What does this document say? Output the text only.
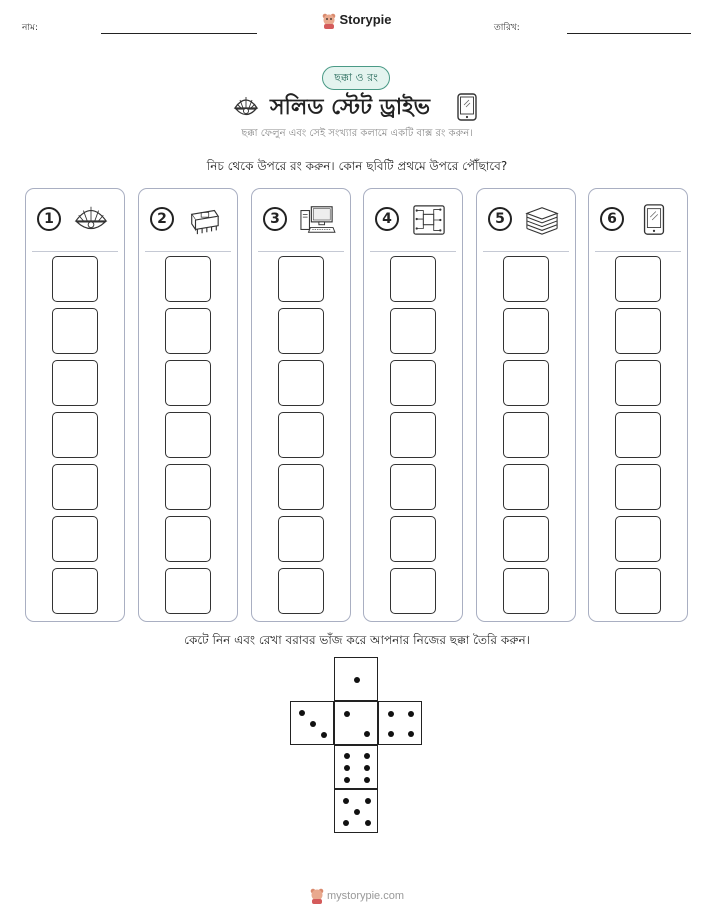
নাম:
Storypie
তারিখ:
ছক্কা ও রং
সলিড স্টেট ড্রাইভ
ছক্কা ফেলুন এবং সেই সংখ্যার কলামে একটি বাক্স রং করুন।
নিচ থেকে উপরে রং করুন। কোন ছবিটি প্রথমে উপরে পৌঁছাবে?
1	2	3	4	5	6
কেটে নিন এবং রেখা বরাবর ভাঁজ করে আপনার নিজের ছক্কা তৈরি করুন।
mystorypie.com
